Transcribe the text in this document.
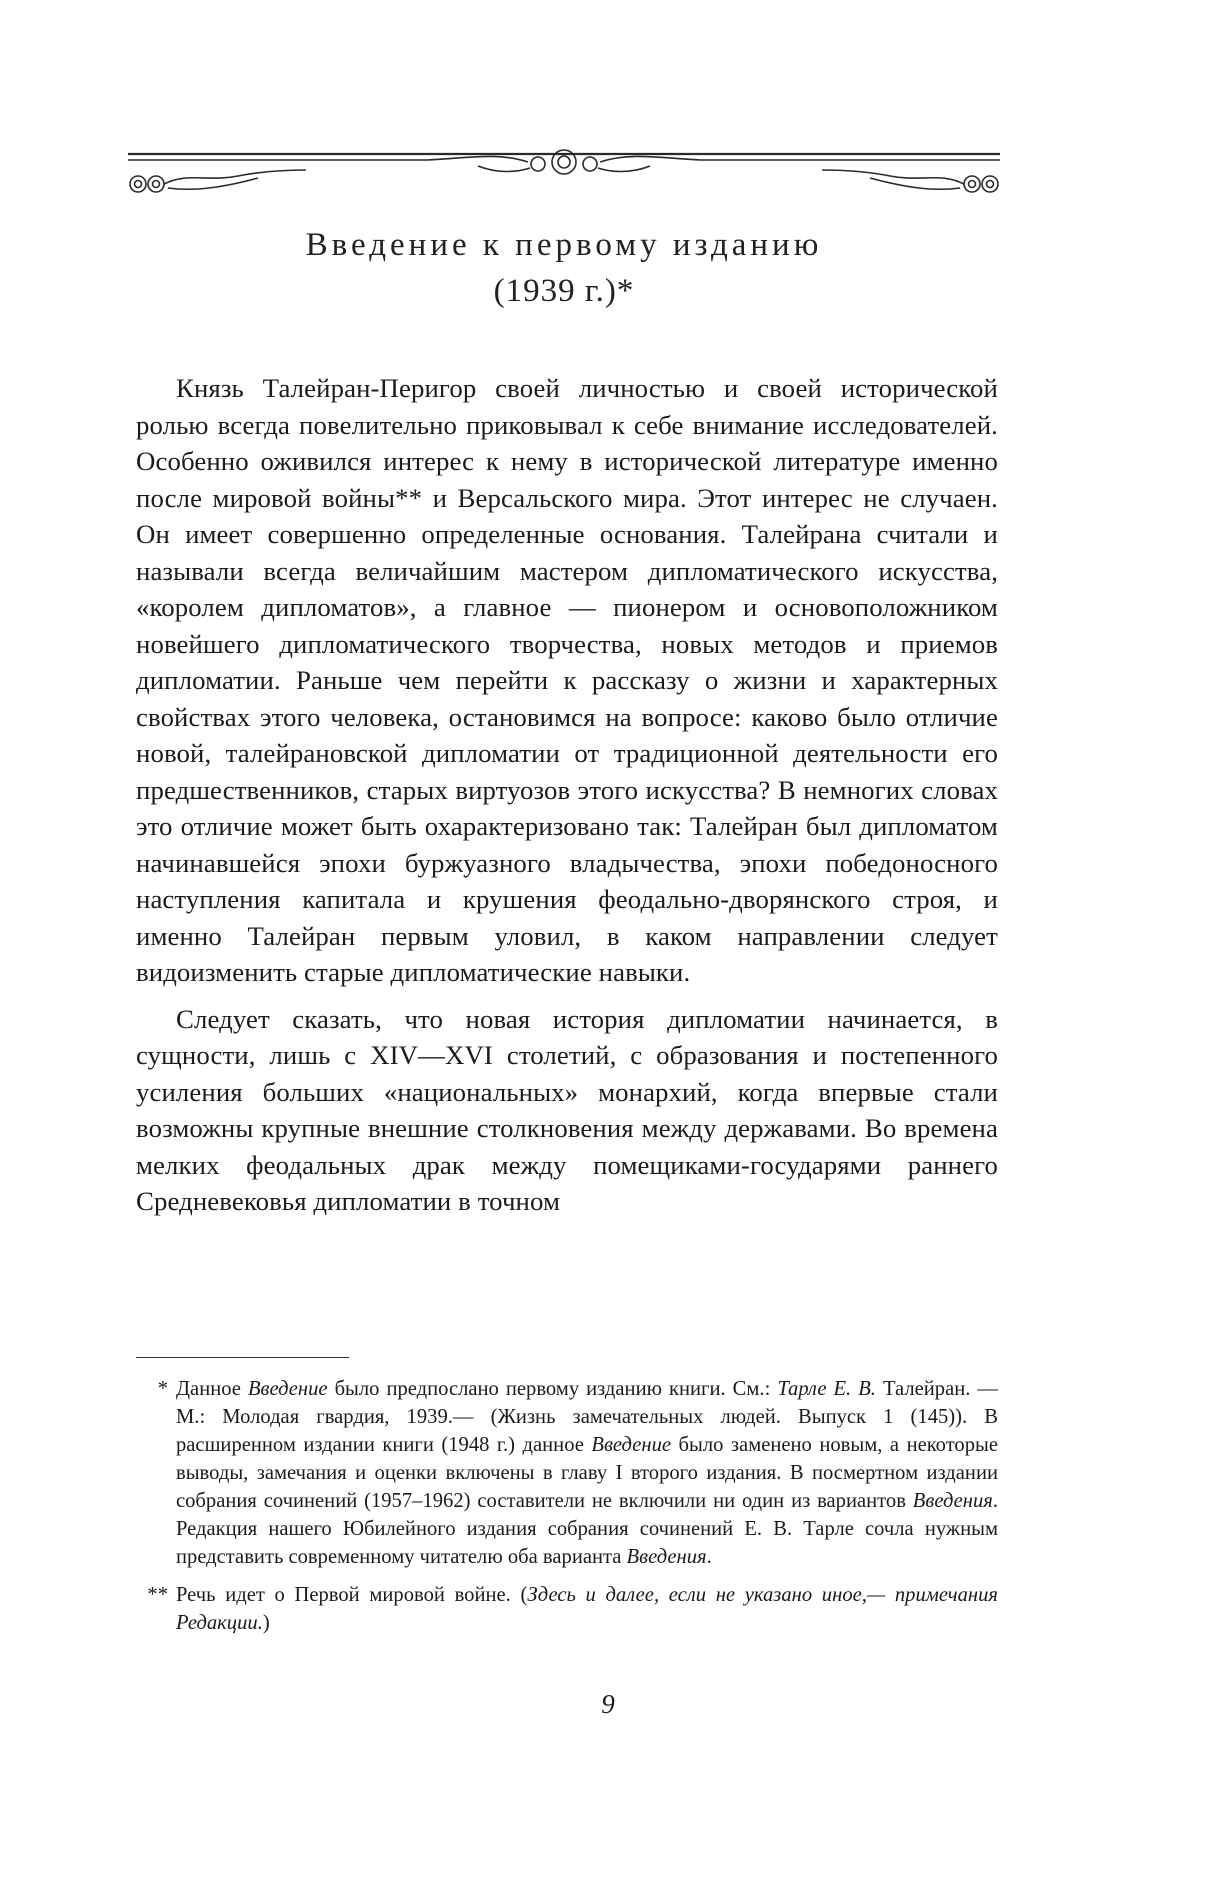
Введение к первому изданию
(1939 г.)*

Князь Талейран-Перигор своей личностью и своей исторической ролью всегда повелительно приковывал к себе внимание исследователей. Особенно оживился интерес к нему в исторической литературе именно после мировой войны** и Версальского мира. Этот интерес не случаен. Он имеет совершенно определенные основания. Талейрана считали и называли всегда величайшим мастером дипломатического искусства, «королем дипломатов», а главное — пионером и основоположником новейшего дипломатического творчества, новых методов и приемов дипломатии. Раньше чем перейти к рассказу о жизни и характерных свойствах этого человека, остановимся на вопросе: каково было отличие новой, талейрановской дипломатии от традиционной деятельности его предшественников, старых виртуозов этого искусства? В немногих словах это отличие может быть охарактеризовано так: Талейран был дипломатом начинавшейся эпохи буржуазного владычества, эпохи победоносного наступления капитала и крушения феодально-дворянского строя, и именно Талейран первым уловил, в каком направлении следует видоизменить старые дипломатические навыки.

Следует сказать, что новая история дипломатии начинается, в сущности, лишь с XIV—XVI столетий, с образования и постепенного усиления больших «национальных» монархий, когда впервые стали возможны крупные внешние столкновения между державами. Во времена мелких феодальных драк между помещиками-государями раннего Средневековья дипломатии в точном

* Данное Введение было предпослано первому изданию книги. См.: Тарле Е. В. Талейран. — М.: Молодая гвардия, 1939.— (Жизнь замечательных людей. Выпуск 1 (145)). В расширенном издании книги (1948 г.) данное Введение было заменено новым, а некоторые выводы, замечания и оценки включены в главу I второго издания. В посмертном издании собрания сочинений (1957–1962) составители не включили ни один из вариантов Введения. Редакция нашего Юбилейного издания собрания сочинений Е. В. Тарле сочла нужным представить современному читателю оба варианта Введения.
** Речь идет о Первой мировой войне. (Здесь и далее, если не указано иное,— примечания Редакции.)
9
